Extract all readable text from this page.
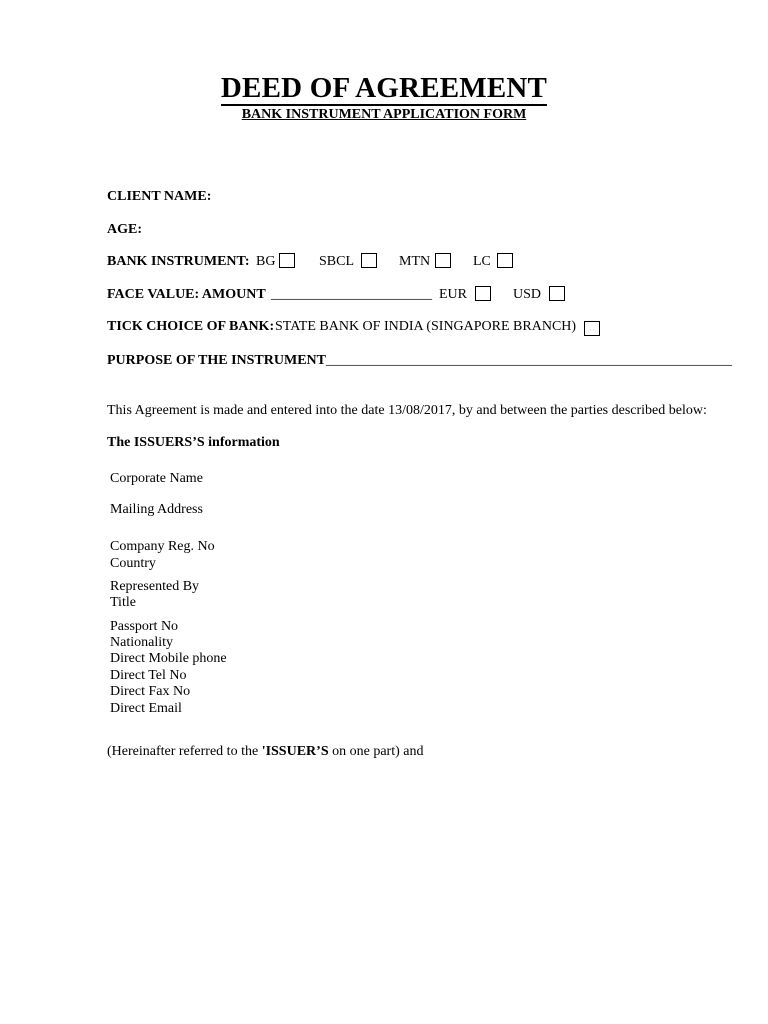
DEED OF AGREEMENT
BANK INSTRUMENT APPLICATION FORM
CLIENT NAME:
AGE:
BANK INSTRUMENT: BG	SBCL	MTN	LC
FACE VALUE: AMOUNT _______________________ EUR	USD
TICK CHOICE OF BANK: STATE BANK OF INDIA (SINGAPORE BRANCH)
PURPOSE OF THE INSTRUMENT__________________________________________________________
This Agreement is made and entered into the date 13/08/2017, by and between the parties described below:
The ISSUERS’S information
Corporate Name
Mailing Address
Company Reg. No
Country
Represented By
Title
Passport No
Nationality
Direct Mobile phone
Direct Tel No
Direct Fax No
Direct Email
(Hereinafter referred to the 'ISSUER’S on one part) and
